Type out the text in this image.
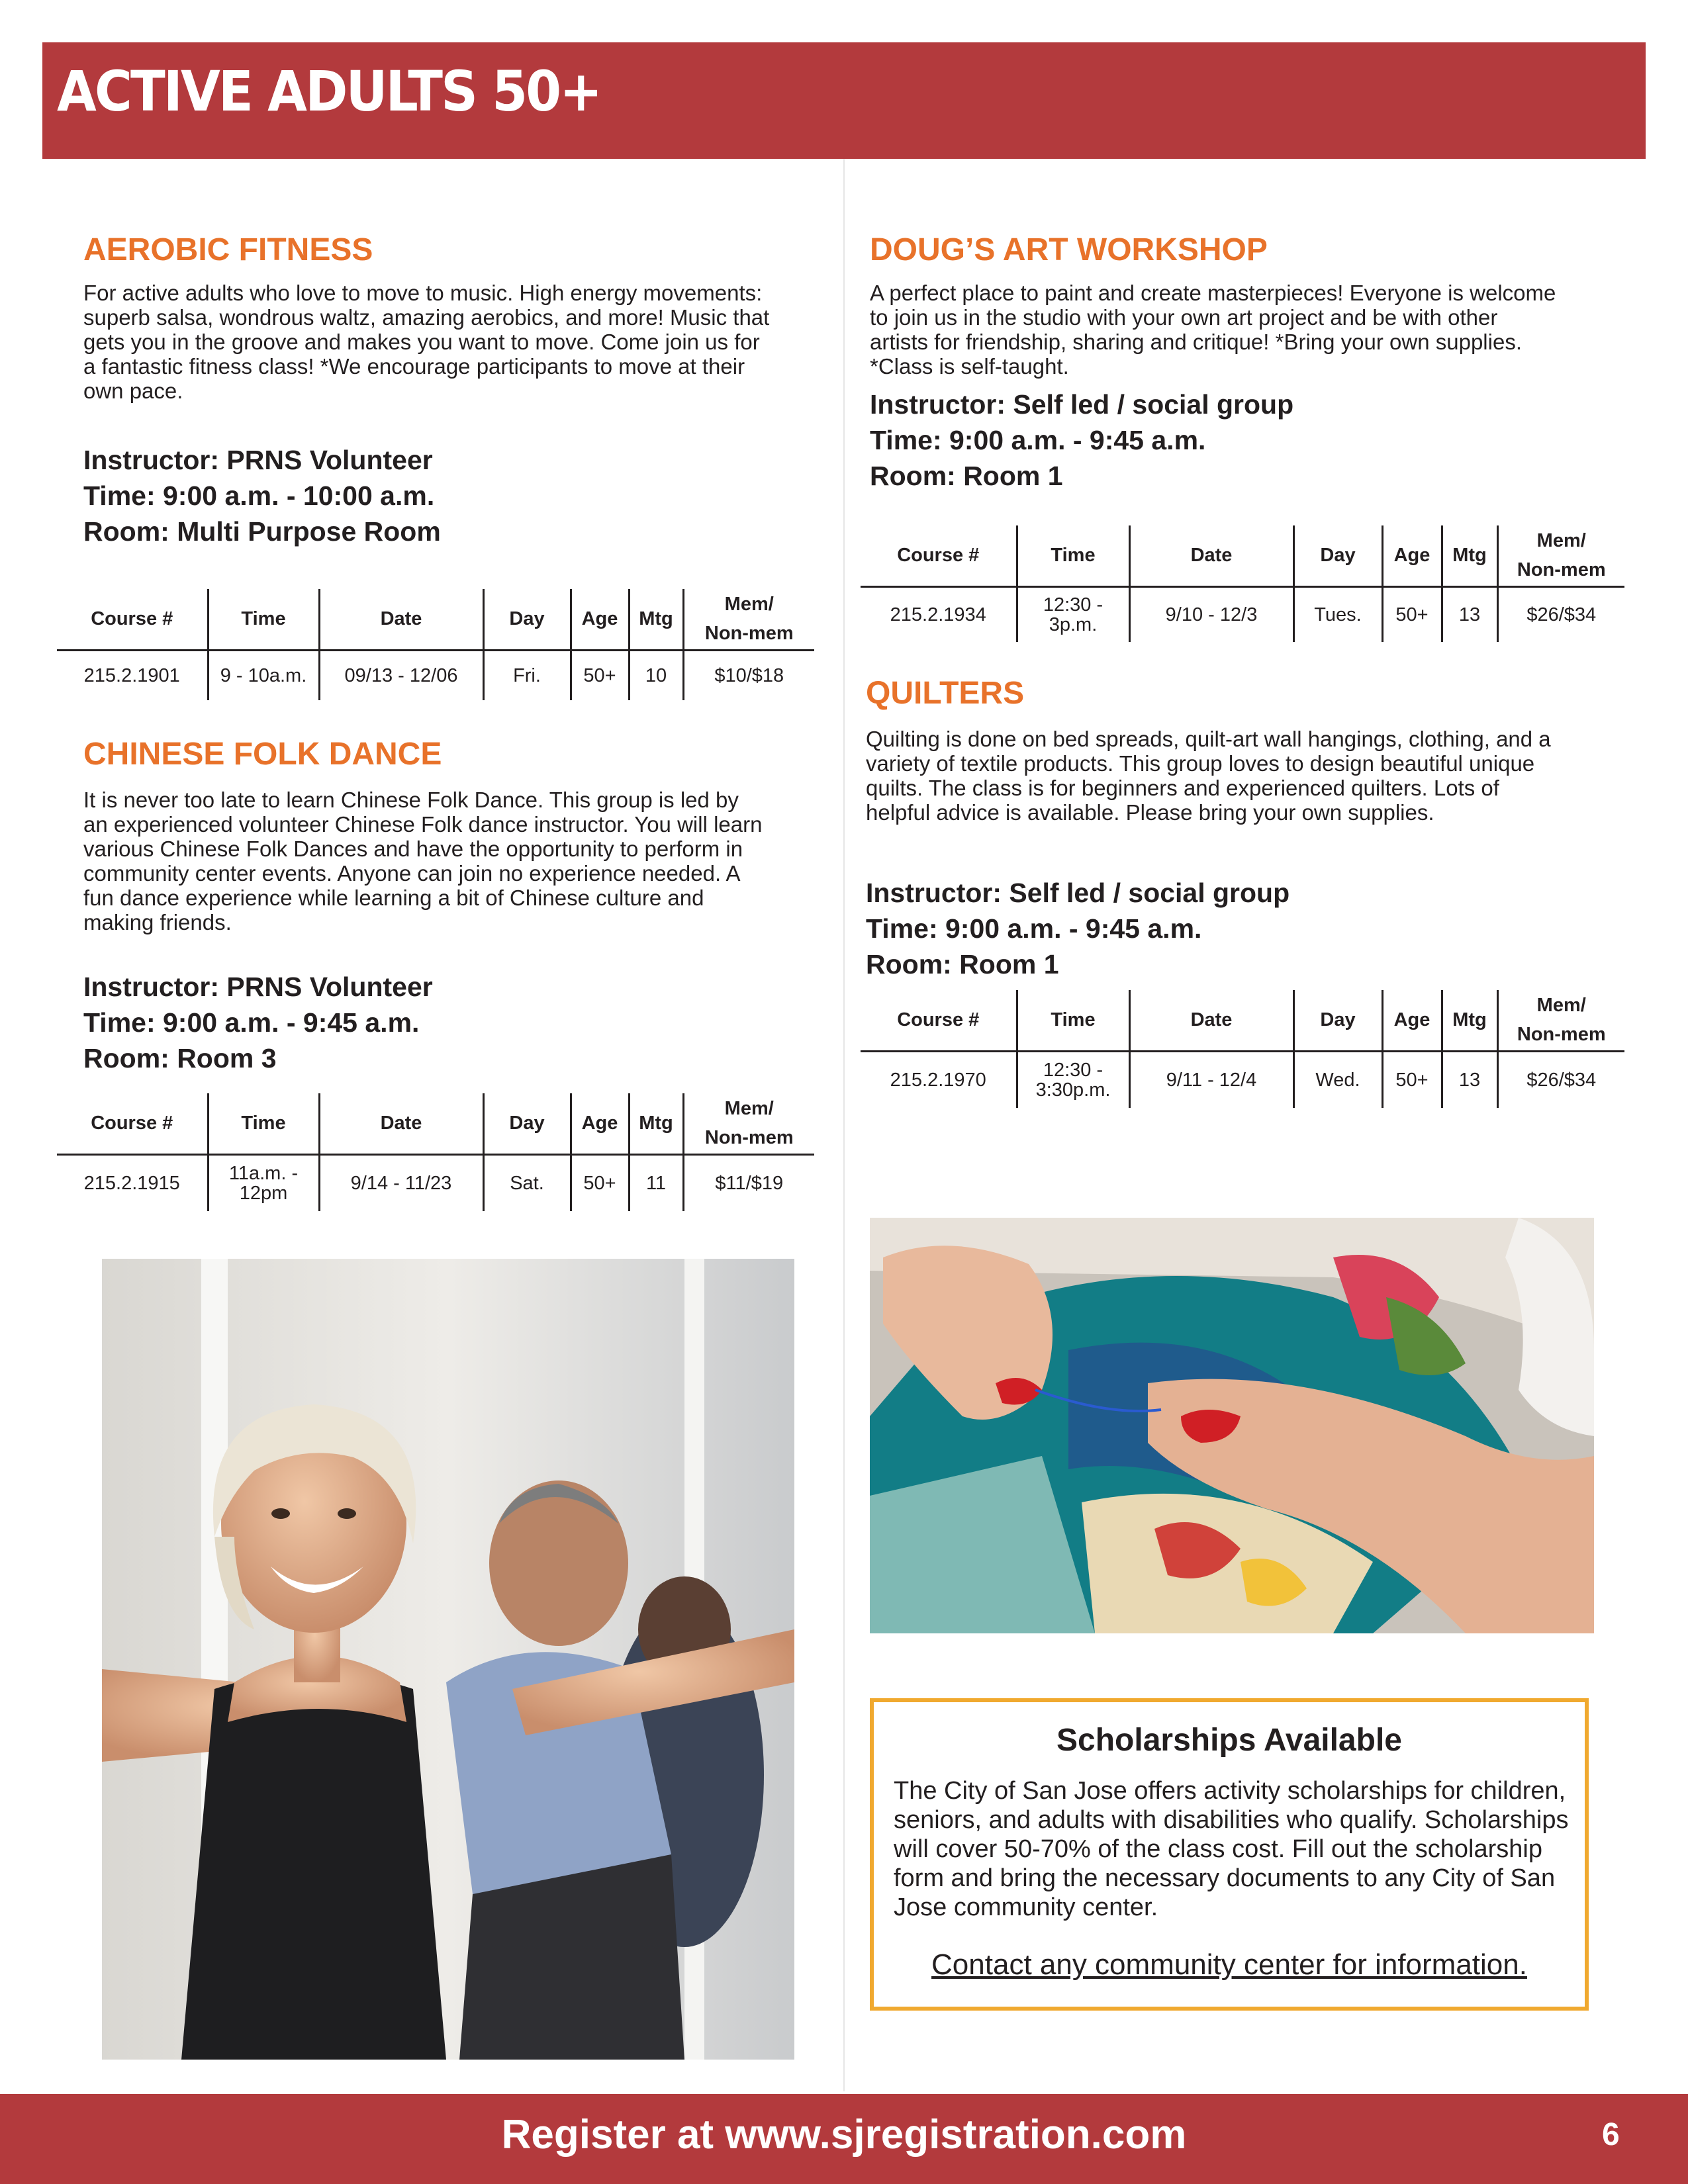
ACTIVE ADULTS 50+
AEROBIC FITNESS
For active adults who love to move to music. High energy movements: superb salsa, wondrous waltz, amazing aerobics, and more! Music that gets you in the groove and makes you want to move. Come join us for a fantastic fitness class! *We encourage participants to move at their own pace.
Instructor: PRNS Volunteer
Time: 9:00 a.m. - 10:00 a.m.
Room: Multi Purpose Room
Course #	Time	Date	Day	Age	Mtg	Mem/
Non-mem
215.2.1901	9 - 10a.m.	09/13 - 12/06	Fri.	50+	10	$10/$18
CHINESE FOLK DANCE
It is never too late to learn Chinese Folk Dance. This group is led by an experienced volunteer Chinese Folk dance instructor. You will learn various Chinese Folk Dances and have the opportunity to perform in community center events. Anyone can join no experience needed. A fun dance experience while learning a bit of Chinese culture and making friends.
Instructor: PRNS Volunteer
Time: 9:00 a.m. - 9:45 a.m.
Room: Room 3
Course #	Time	Date	Day	Age	Mtg	Mem/
Non-mem
215.2.1915	11a.m. - 12pm	9/14 - 11/23	Sat.	50+	11	$11/$19
DOUG’S ART WORKSHOP
A perfect place to paint and create masterpieces! Everyone is welcome to join us in the studio with your own art project and be with other artists for friendship, sharing and critique! *Bring your own supplies. *Class is self-taught.
Instructor: Self led / social group
Time: 9:00 a.m. - 9:45 a.m.
Room: Room 1
Course #	Time	Date	Day	Age	Mtg	Mem/
Non-mem
215.2.1934	12:30 - 3p.m.	9/10 - 12/3	Tues.	50+	13	$26/$34
QUILTERS
Quilting is done on bed spreads, quilt-art wall hangings, clothing, and a variety of textile products. This group loves to design beautiful unique quilts. The class is for beginners and experienced quilters. Lots of helpful advice is available. Please bring your own supplies.
Instructor: Self led / social group
Time: 9:00 a.m. - 9:45 a.m.
Room: Room 1
Course #	Time	Date	Day	Age	Mtg	Mem/
Non-mem
215.2.1970	12:30 - 3:30p.m.	9/11 - 12/4	Wed.	50+	13	$26/$34
Scholarships Available
The City of San Jose offers activity scholarships for children, seniors, and adults with disabilities who qualify. Scholarships will cover 50-70% of the class cost. Fill out the scholarship form and bring the necessary documents to any City of San Jose community center.
Contact any community center for information.
Register at www.sjregistration.com	6
